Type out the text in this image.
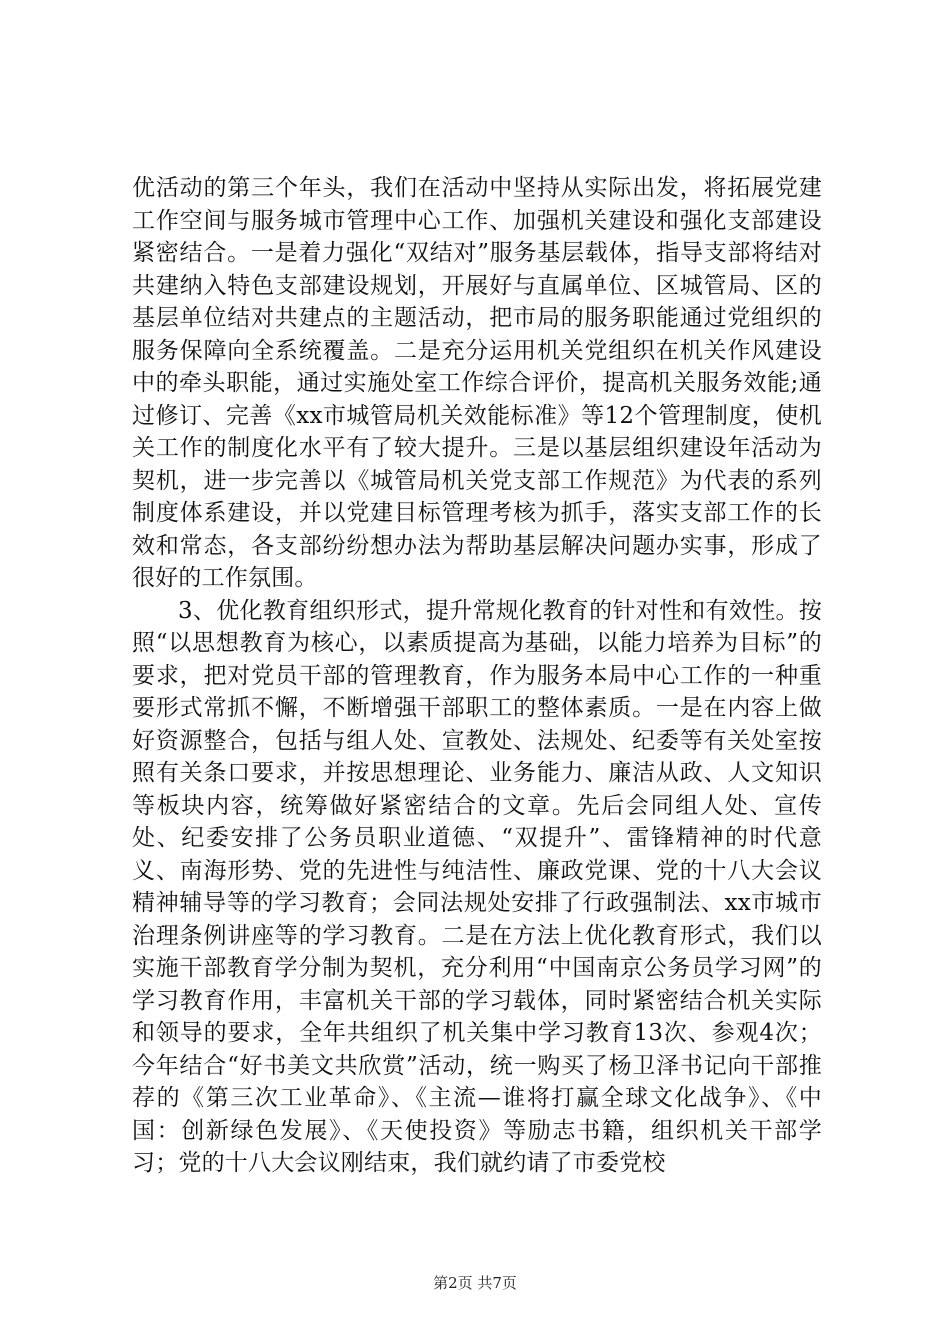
优活动的第三个年头，我们在活动中坚持从实际出发，将拓展党建工作空间与服务城市管理中心工作、加强机关建设和强化支部建设紧密结合。一是着力强化“双结对”服务基层载体，指导支部将结对共建纳入特色支部建设规划，开展好与直属单位、区城管局、区的基层单位结对共建点的主题活动，把市局的服务职能通过党组织的服务保障向全系统覆盖。二是充分运用机关党组织在机关作风建设中的牵头职能，通过实施处室工作综合评价，提高机关服务效能;通过修订、完善《xx市城管局机关效能标准》等12个管理制度，使机关工作的制度化水平有了较大提升。三是以基层组织建设年活动为契机，进一步完善以《城管局机关党支部工作规范》为代表的系列制度体系建设，并以党建目标管理考核为抓手，落实支部工作的长效和常态，各支部纷纷想办法为帮助基层解决问题办实事，形成了很好的工作氛围。

3、优化教育组织形式，提升常规化教育的针对性和有效性。按照“以思想教育为核心，以素质提高为基础，以能力培养为目标”的要求，把对党员干部的管理教育，作为服务本局中心工作的一种重要形式常抓不懈，不断增强干部职工的整体素质。一是在内容上做好资源整合，包括与组人处、宣教处、法规处、纪委等有关处室按照有关条口要求，并按思想理论、业务能力、廉洁从政、人文知识等板块内容，统筹做好紧密结合的文章。先后会同组人处、宣传处、纪委安排了公务员职业道德、“双提升”、雷锋精神的时代意义、南海形势、党的先进性与纯洁性、廉政党课、党的十八大会议精神辅导等的学习教育；会同法规处安排了行政强制法、xx市城市治理条例讲座等的学习教育。二是在方法上优化教育形式，我们以实施干部教育学分制为契机，充分利用“中国南京公务员学习网”的学习教育作用，丰富机关干部的学习载体，同时紧密结合机关实际和领导的要求，全年共组织了机关集中学习教育13次、参观4次；今年结合“好书美文共欣赏”活动，统一购买了杨卫泽书记向干部推荐的《第三次工业革命》、《主流—谁将打赢全球文化战争》、《中国：创新绿色发展》、《天使投资》等励志书籍，组织机关干部学习；党的十八大会议刚结束，我们就约请了市委党校

第2页 共7页
